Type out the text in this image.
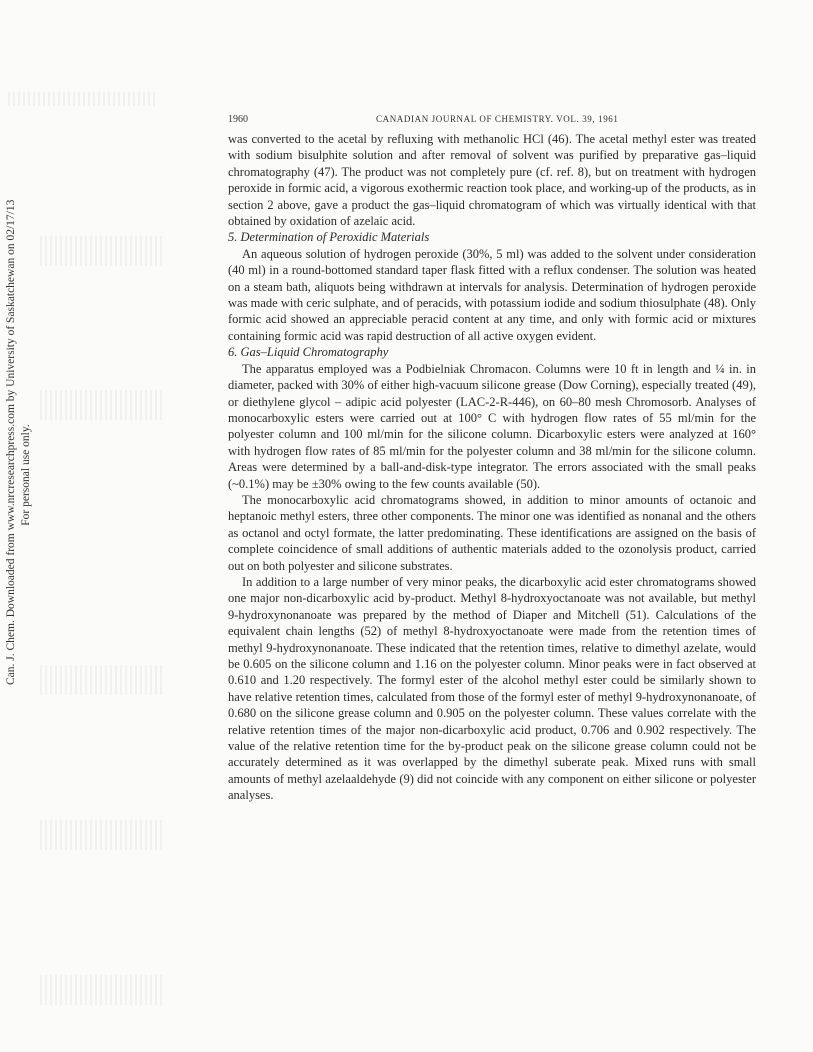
Can. J. Chem. Downloaded from www.nrcresearchpress.com by University of Saskatchewan on 02/17/13 For personal use only.
1960	CANADIAN JOURNAL OF CHEMISTRY. VOL. 39, 1961

was converted to the acetal by refluxing with methanolic HCl (46). The acetal methyl ester was treated with sodium bisulphite solution and after removal of solvent was purified by preparative gas–liquid chromatography (47). The product was not completely pure (cf. ref. 8), but on treatment with hydrogen peroxide in formic acid, a vigorous exothermic reaction took place, and working-up of the products, as in section 2 above, gave a product the gas–liquid chromatogram of which was virtually identical with that obtained by oxidation of azelaic acid.

5. Determination of Peroxidic Materials

An aqueous solution of hydrogen peroxide (30%, 5 ml) was added to the solvent under consideration (40 ml) in a round-bottomed standard taper flask fitted with a reflux condenser. The solution was heated on a steam bath, aliquots being withdrawn at intervals for analysis. Determination of hydrogen peroxide was made with ceric sulphate, and of peracids, with potassium iodide and sodium thiosulphate (48). Only formic acid showed an appreciable peracid content at any time, and only with formic acid or mixtures containing formic acid was rapid destruction of all active oxygen evident.

6. Gas–Liquid Chromatography

The apparatus employed was a Podbielniak Chromacon. Columns were 10 ft in length and ¼ in. in diameter, packed with 30% of either high-vacuum silicone grease (Dow Corning), especially treated (49), or diethylene glycol – adipic acid polyester (LAC-2-R-446), on 60–80 mesh Chromosorb. Analyses of monocarboxylic esters were carried out at 100° C with hydrogen flow rates of 55 ml/min for the polyester column and 100 ml/min for the silicone column. Dicarboxylic esters were analyzed at 160° with hydrogen flow rates of 85 ml/min for the polyester column and 38 ml/min for the silicone column. Areas were determined by a ball-and-disk-type integrator. The errors associated with the small peaks (~0.1%) may be ±30% owing to the few counts available (50).

The monocarboxylic acid chromatograms showed, in addition to minor amounts of octanoic and heptanoic methyl esters, three other components. The minor one was identified as nonanal and the others as octanol and octyl formate, the latter predominating. These identifications are assigned on the basis of complete coincidence of small additions of authentic materials added to the ozonolysis product, carried out on both polyester and silicone substrates.

In addition to a large number of very minor peaks, the dicarboxylic acid ester chromatograms showed one major non-dicarboxylic acid by-product. Methyl 8-hydroxyoctanoate was not available, but methyl 9-hydroxynonanoate was prepared by the method of Diaper and Mitchell (51). Calculations of the equivalent chain lengths (52) of methyl 8-hydroxyoctanoate were made from the retention times of methyl 9-hydroxynonanoate. These indicated that the retention times, relative to dimethyl azelate, would be 0.605 on the silicone column and 1.16 on the polyester column. Minor peaks were in fact observed at 0.610 and 1.20 respectively. The formyl ester of the alcohol methyl ester could be similarly shown to have relative retention times, calculated from those of the formyl ester of methyl 9-hydroxynonanoate, of 0.680 on the silicone grease column and 0.905 on the polyester column. These values correlate with the relative retention times of the major non-dicarboxylic acid product, 0.706 and 0.902 respectively. The value of the relative retention time for the by-product peak on the silicone grease column could not be accurately determined as it was overlapped by the dimethyl suberate peak. Mixed runs with small amounts of methyl azelaaldehyde (9) did not coincide with any component on either silicone or polyester analyses.
